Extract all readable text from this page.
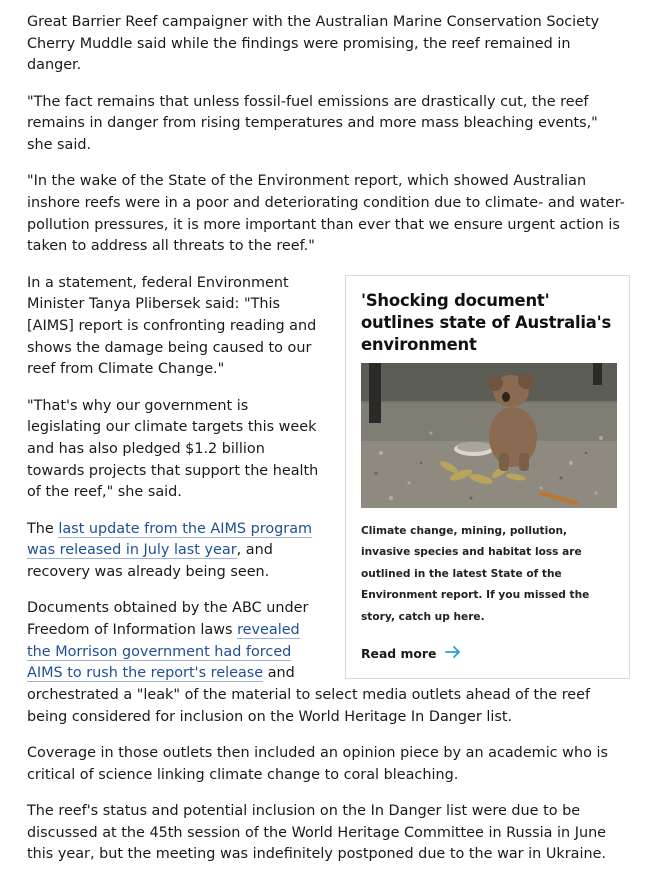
Great Barrier Reef campaigner with the Australian Marine Conservation Society Cherry Muddle said while the findings were promising, the reef remained in danger.

"The fact remains that unless fossil-fuel emissions are drastically cut, the reef remains in danger from rising temperatures and more mass bleaching events," she said.

"In the wake of the State of the Environment report, which showed Australian inshore reefs were in a poor and deteriorating condition due to climate- and water-pollution pressures, it is more important than ever that we ensure urgent action is taken to address all threats to the reef."

'Shocking document' outlines state of Australia's environment
Climate change, mining, pollution, invasive species and habitat loss are outlined in the latest State of the Environment report. If you missed the story, catch up here.
Read more

In a statement, federal Environment Minister Tanya Plibersek said: "This [AIMS] report is confronting reading and shows the damage being caused to our reef from Climate Change."

"That's why our government is legislating our climate targets this week and has also pledged $1.2 billion towards projects that support the health of the reef," she said.

The last update from the AIMS program was released in July last year, and recovery was already being seen.

Documents obtained by the ABC under Freedom of Information laws revealed the Morrison government had forced AIMS to rush the report's release and orchestrated a "leak" of the material to select media outlets ahead of the reef being considered for inclusion on the World Heritage In Danger list.

Coverage in those outlets then included an opinion piece by an academic who is critical of science linking climate change to coral bleaching.

The reef's status and potential inclusion on the In Danger list were due to be discussed at the 45th session of the World Heritage Committee in Russia in June this year, but the meeting was indefinitely postponed due to the war in Ukraine.
